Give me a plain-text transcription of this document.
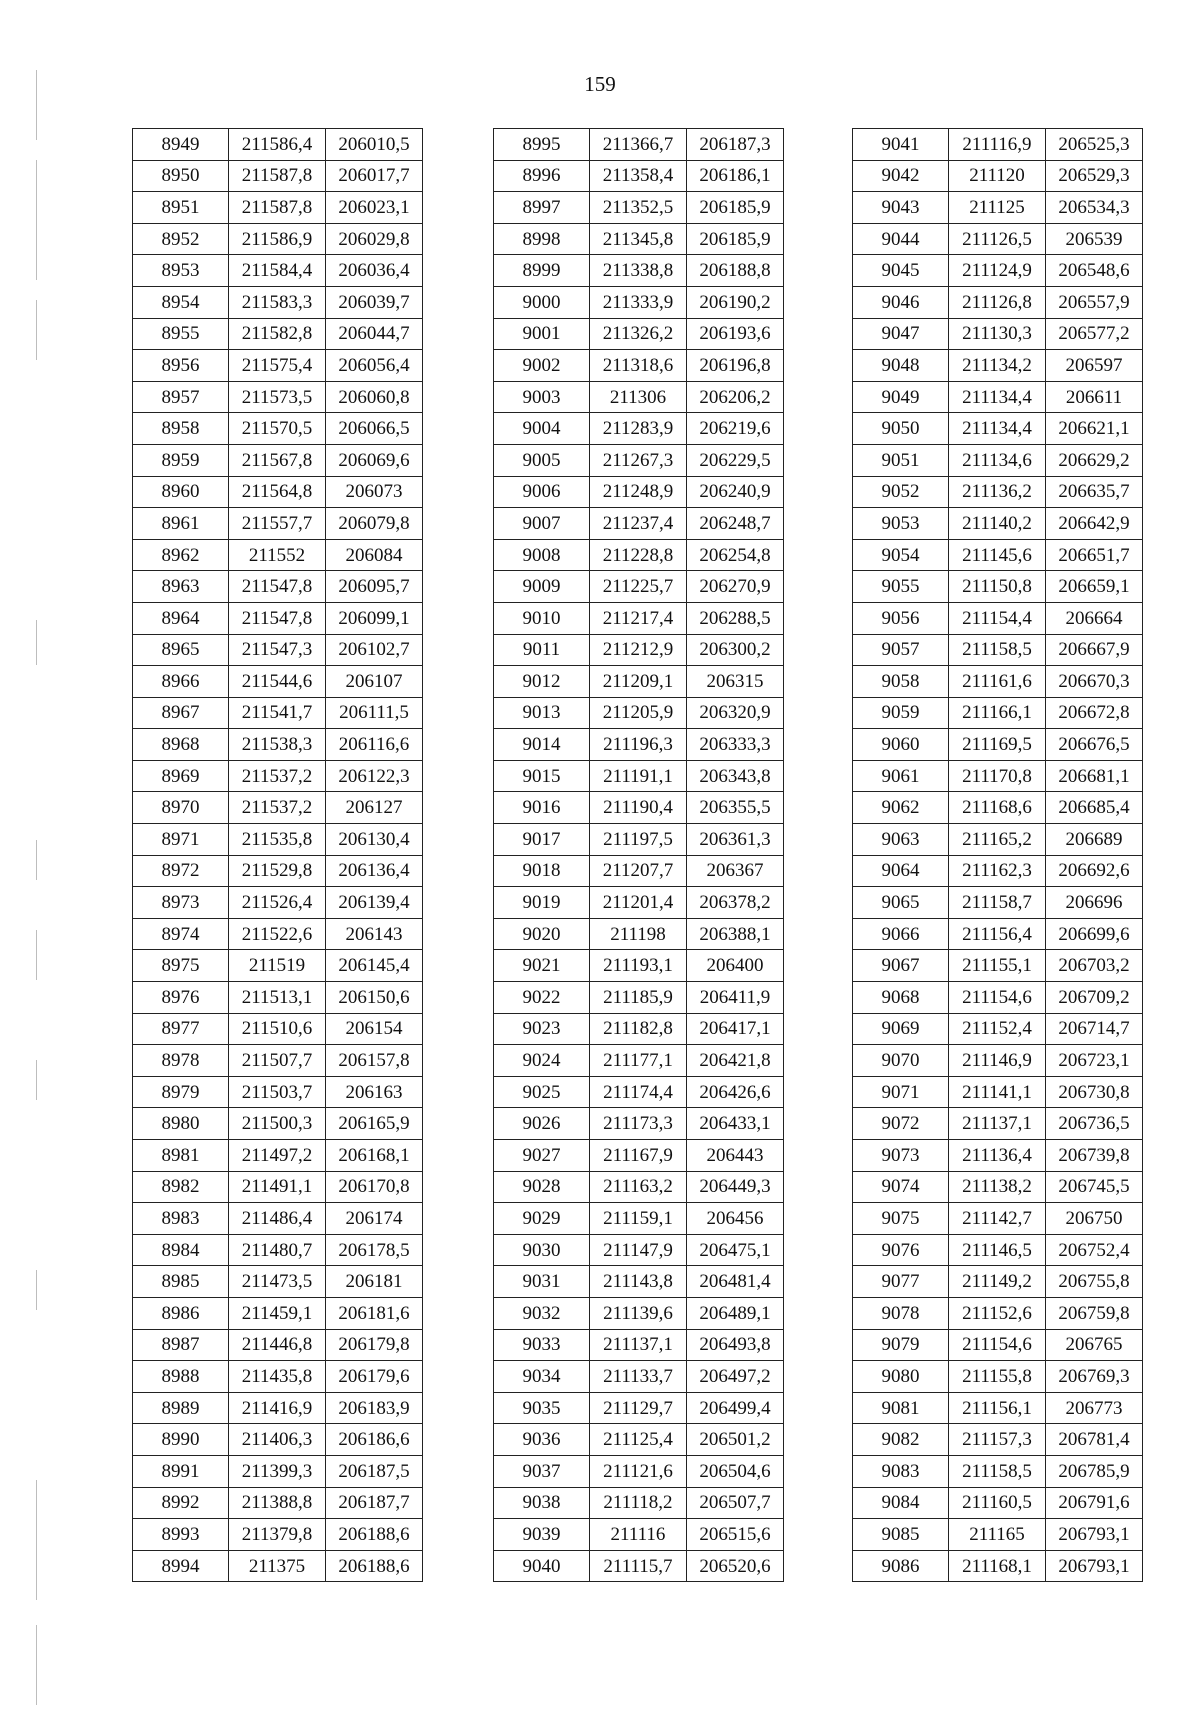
159
8949	211586,4	206010,5
8950	211587,8	206017,7
8951	211587,8	206023,1
8952	211586,9	206029,8
8953	211584,4	206036,4
8954	211583,3	206039,7
8955	211582,8	206044,7
8956	211575,4	206056,4
8957	211573,5	206060,8
8958	211570,5	206066,5
8959	211567,8	206069,6
8960	211564,8	206073
8961	211557,7	206079,8
8962	211552	206084
8963	211547,8	206095,7
8964	211547,8	206099,1
8965	211547,3	206102,7
8966	211544,6	206107
8967	211541,7	206111,5
8968	211538,3	206116,6
8969	211537,2	206122,3
8970	211537,2	206127
8971	211535,8	206130,4
8972	211529,8	206136,4
8973	211526,4	206139,4
8974	211522,6	206143
8975	211519	206145,4
8976	211513,1	206150,6
8977	211510,6	206154
8978	211507,7	206157,8
8979	211503,7	206163
8980	211500,3	206165,9
8981	211497,2	206168,1
8982	211491,1	206170,8
8983	211486,4	206174
8984	211480,7	206178,5
8985	211473,5	206181
8986	211459,1	206181,6
8987	211446,8	206179,8
8988	211435,8	206179,6
8989	211416,9	206183,9
8990	211406,3	206186,6
8991	211399,3	206187,5
8992	211388,8	206187,7
8993	211379,8	206188,6
8994	211375	206188,6
8995	211366,7	206187,3
8996	211358,4	206186,1
8997	211352,5	206185,9
8998	211345,8	206185,9
8999	211338,8	206188,8
9000	211333,9	206190,2
9001	211326,2	206193,6
9002	211318,6	206196,8
9003	211306	206206,2
9004	211283,9	206219,6
9005	211267,3	206229,5
9006	211248,9	206240,9
9007	211237,4	206248,7
9008	211228,8	206254,8
9009	211225,7	206270,9
9010	211217,4	206288,5
9011	211212,9	206300,2
9012	211209,1	206315
9013	211205,9	206320,9
9014	211196,3	206333,3
9015	211191,1	206343,8
9016	211190,4	206355,5
9017	211197,5	206361,3
9018	211207,7	206367
9019	211201,4	206378,2
9020	211198	206388,1
9021	211193,1	206400
9022	211185,9	206411,9
9023	211182,8	206417,1
9024	211177,1	206421,8
9025	211174,4	206426,6
9026	211173,3	206433,1
9027	211167,9	206443
9028	211163,2	206449,3
9029	211159,1	206456
9030	211147,9	206475,1
9031	211143,8	206481,4
9032	211139,6	206489,1
9033	211137,1	206493,8
9034	211133,7	206497,2
9035	211129,7	206499,4
9036	211125,4	206501,2
9037	211121,6	206504,6
9038	211118,2	206507,7
9039	211116	206515,6
9040	211115,7	206520,6
9041	211116,9	206525,3
9042	211120	206529,3
9043	211125	206534,3
9044	211126,5	206539
9045	211124,9	206548,6
9046	211126,8	206557,9
9047	211130,3	206577,2
9048	211134,2	206597
9049	211134,4	206611
9050	211134,4	206621,1
9051	211134,6	206629,2
9052	211136,2	206635,7
9053	211140,2	206642,9
9054	211145,6	206651,7
9055	211150,8	206659,1
9056	211154,4	206664
9057	211158,5	206667,9
9058	211161,6	206670,3
9059	211166,1	206672,8
9060	211169,5	206676,5
9061	211170,8	206681,1
9062	211168,6	206685,4
9063	211165,2	206689
9064	211162,3	206692,6
9065	211158,7	206696
9066	211156,4	206699,6
9067	211155,1	206703,2
9068	211154,6	206709,2
9069	211152,4	206714,7
9070	211146,9	206723,1
9071	211141,1	206730,8
9072	211137,1	206736,5
9073	211136,4	206739,8
9074	211138,2	206745,5
9075	211142,7	206750
9076	211146,5	206752,4
9077	211149,2	206755,8
9078	211152,6	206759,8
9079	211154,6	206765
9080	211155,8	206769,3
9081	211156,1	206773
9082	211157,3	206781,4
9083	211158,5	206785,9
9084	211160,5	206791,6
9085	211165	206793,1
9086	211168,1	206793,1
